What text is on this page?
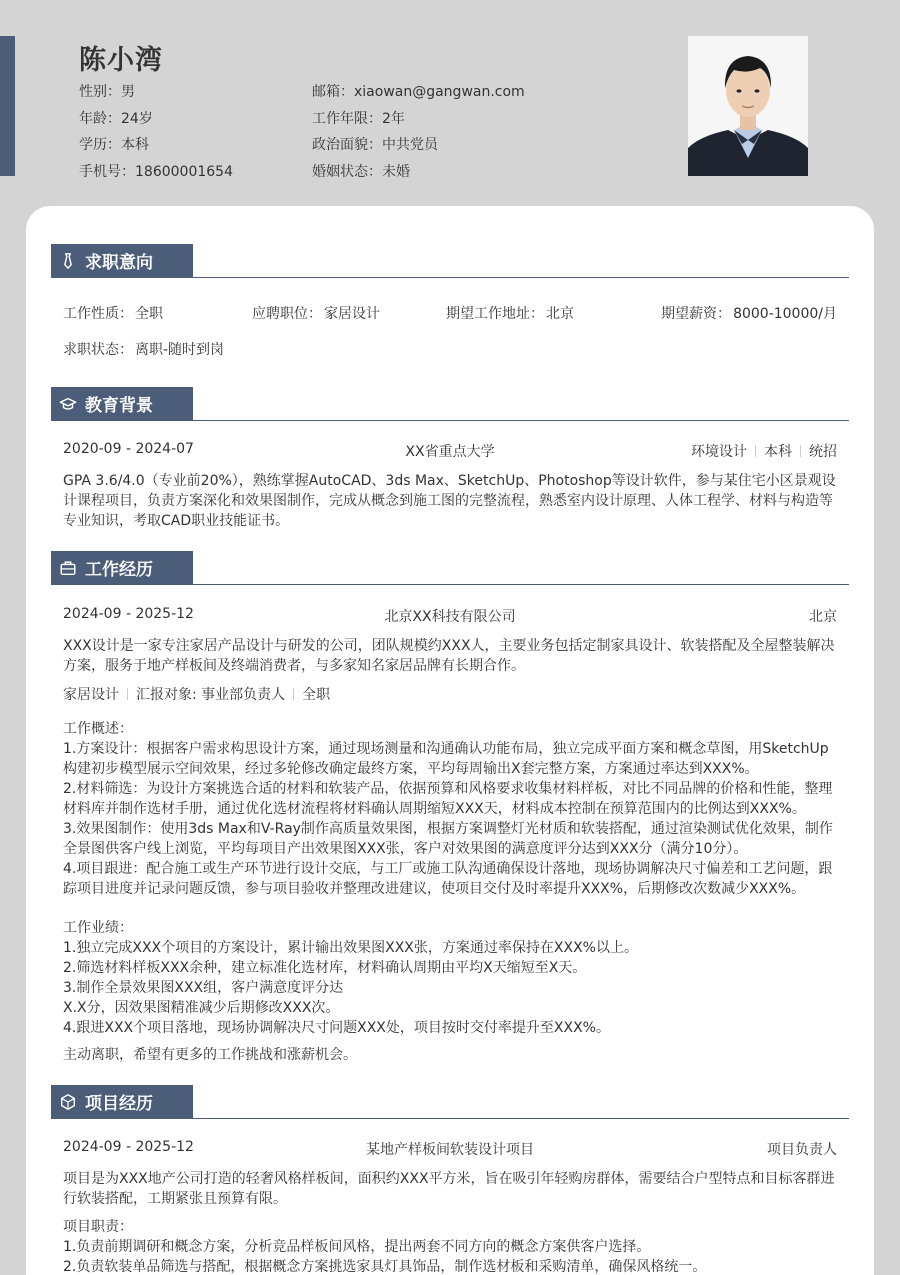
陈小湾
性别：男
年龄：24岁
学历：本科
手机号：18600001654
邮箱：xiaowan@gangwan.com
工作年限：2年
政治面貌：中共党员
婚姻状态：未婚
求职意向
工作性质： 全职	应聘职位： 家居设计	期望工作地址： 北京	期望薪资： 8000-10000/月
求职状态： 离职-随时到岗
教育背景
2020-09 - 2024-07	XX省重点大学	环境设计 本科 统招
GPA 3.6/4.0（专业前20%），熟练掌握AutoCAD、3ds Max、SketchUp、Photoshop等设计软件，参与某住宅小区景观设计课程项目，负责方案深化和效果图制作，完成从概念到施工图的完整流程，熟悉室内设计原理、人体工程学、材料与构造等专业知识，考取CAD职业技能证书。
工作经历
2024-09 - 2025-12	北京XX科技有限公司	北京
XXX设计是一家专注家居产品设计与研发的公司，团队规模约XXX人，主要业务包括定制家具设计、软装搭配及全屋整装解决方案，服务于地产样板间及终端消费者，与多家知名家居品牌有长期合作。
家居设计 汇报对象: 事业部负责人 全职
工作概述：
1.方案设计：根据客户需求构思设计方案，通过现场测量和沟通确认功能布局，独立完成平面方案和概念草图，用SketchUp构建初步模型展示空间效果，经过多轮修改确定最终方案，平均每周输出X套完整方案，方案通过率达到XXX%。
2.材料筛选：为设计方案挑选合适的材料和软装产品，依据预算和风格要求收集材料样板，对比不同品牌的价格和性能，整理材料库并制作选材手册，通过优化选材流程将材料确认周期缩短XXX天，材料成本控制在预算范围内的比例达到XXX%。
3.效果图制作：使用3ds Max和V-Ray制作高质量效果图，根据方案调整灯光材质和软装搭配，通过渲染测试优化效果，制作全景图供客户线上浏览，平均每项目产出效果图XXX张，客户对效果图的满意度评分达到XXX分（满分10分）。
4.项目跟进：配合施工或生产环节进行设计交底，与工厂或施工队沟通确保设计落地，现场协调解决尺寸偏差和工艺问题，跟踪项目进度并记录问题反馈，参与项目验收并整理改进建议，使项目交付及时率提升XXX%，后期修改次数减少XXX%。
工作业绩：
1.独立完成XXX个项目的方案设计，累计输出效果图XXX张，方案通过率保持在XXX%以上。
2.筛选材料样板XXX余种，建立标准化选材库，材料确认周期由平均X天缩短至X天。
3.制作全景效果图XXX组，客户满意度评分达
X.X分，因效果图精准减少后期修改XXX次。
4.跟进XXX个项目落地，现场协调解决尺寸问题XXX处，项目按时交付率提升至XXX%。
主动离职，希望有更多的工作挑战和涨薪机会。
项目经历
2024-09 - 2025-12	某地产样板间软装设计项目	项目负责人
项目是为XXX地产公司打造的轻奢风格样板间，面积约XXX平方米，旨在吸引年轻购房群体，需要结合户型特点和目标客群进行软装搭配，工期紧张且预算有限。
项目职责：
1.负责前期调研和概念方案，分析竞品样板间风格，提出两套不同方向的概念方案供客户选择。
2.负责软装单品筛选与搭配，根据概念方案挑选家具灯具饰品，制作选材板和采购清单，确保风格统一。
